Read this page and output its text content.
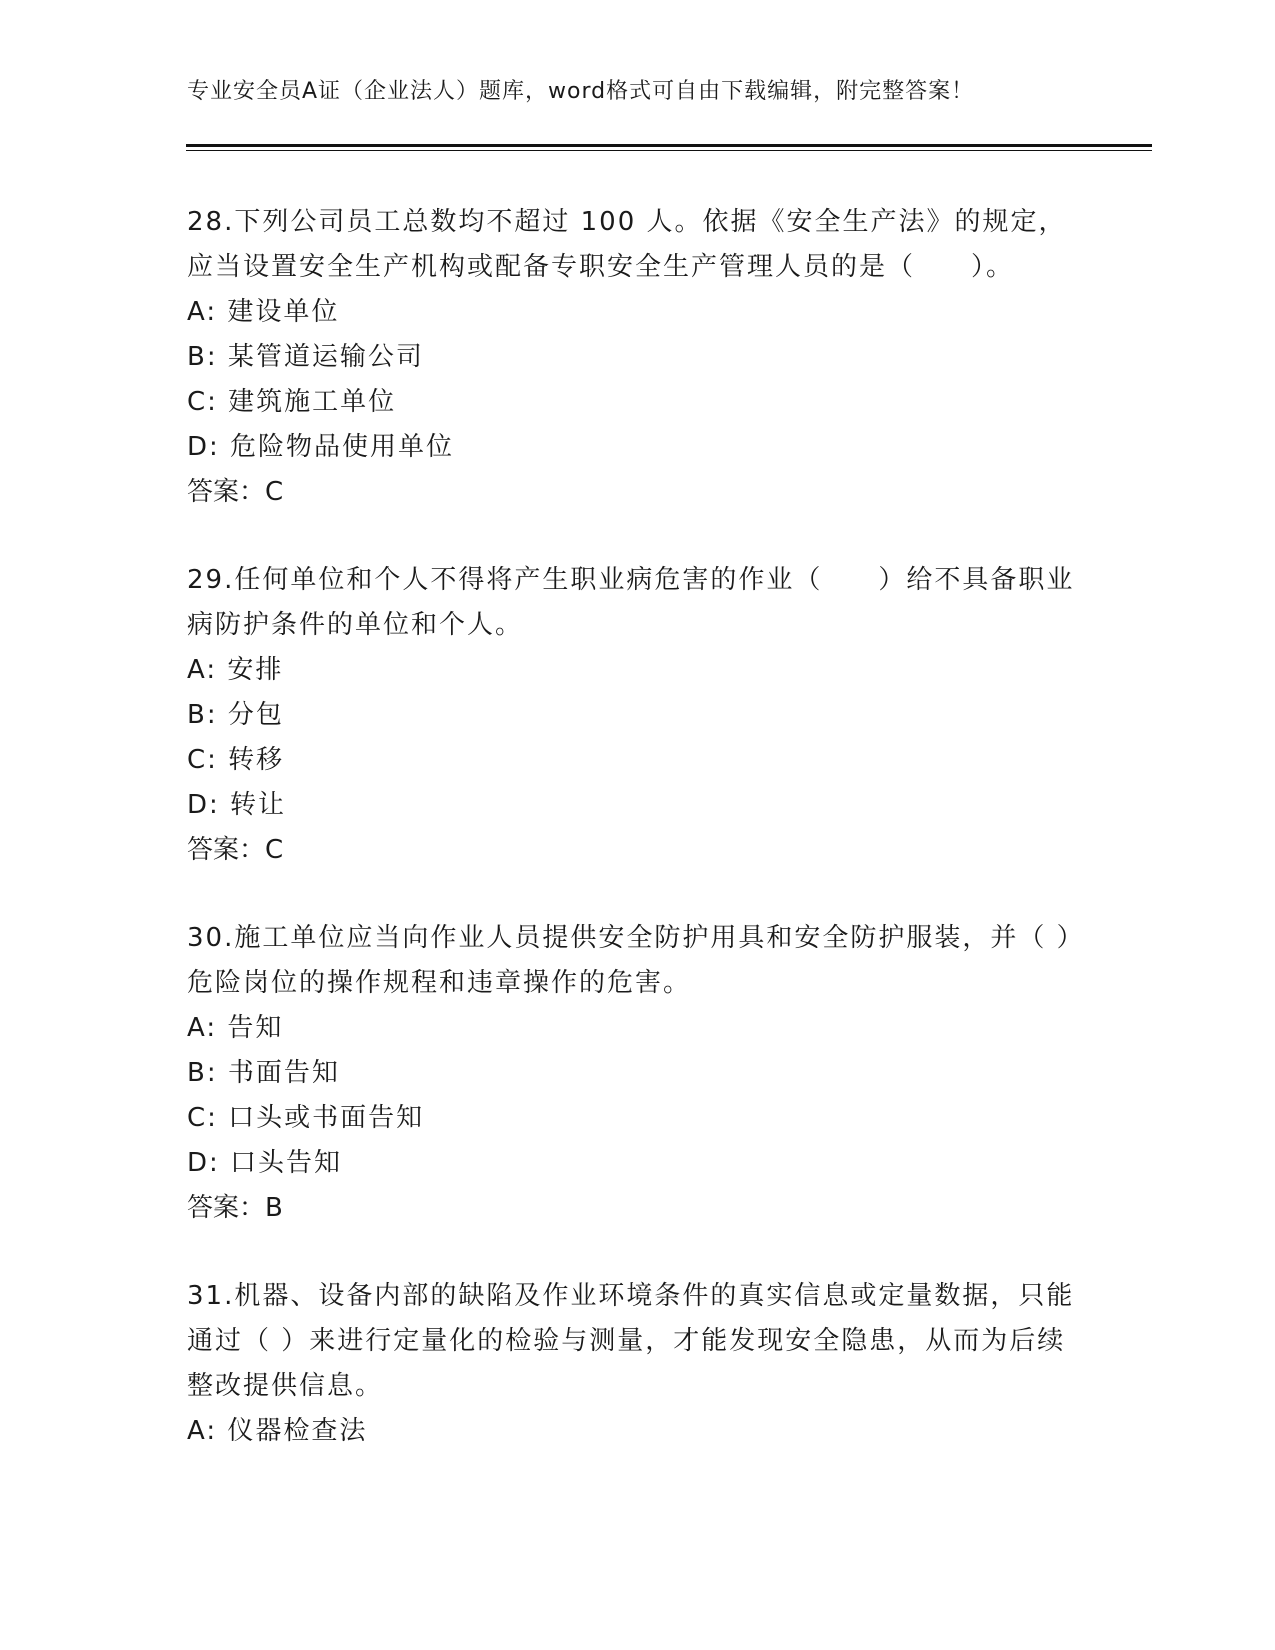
专业安全员A证（企业法人）题库，word格式可自由下载编辑，附完整答案！
28.下列公司员工总数均不超过 100 人。依据《安全生产法》的规定，应当设置安全生产机构或配备专职安全生产管理人员的是（　　）。
A: 建设单位
B: 某管道运输公司
C: 建筑施工单位
D: 危险物品使用单位
答案：C
29.任何单位和个人不得将产生职业病危害的作业（　　）给不具备职业病防护条件的单位和个人。
A: 安排
B: 分包
C: 转移
D: 转让
答案：C
30.施工单位应当向作业人员提供安全防护用具和安全防护服装，并（ ）危险岗位的操作规程和违章操作的危害。
A: 告知
B: 书面告知
C: 口头或书面告知
D: 口头告知
答案：B
31.机器、设备内部的缺陷及作业环境条件的真实信息或定量数据，只能通过（ ）来进行定量化的检验与测量，才能发现安全隐患，从而为后续整改提供信息。
A: 仪器检查法
